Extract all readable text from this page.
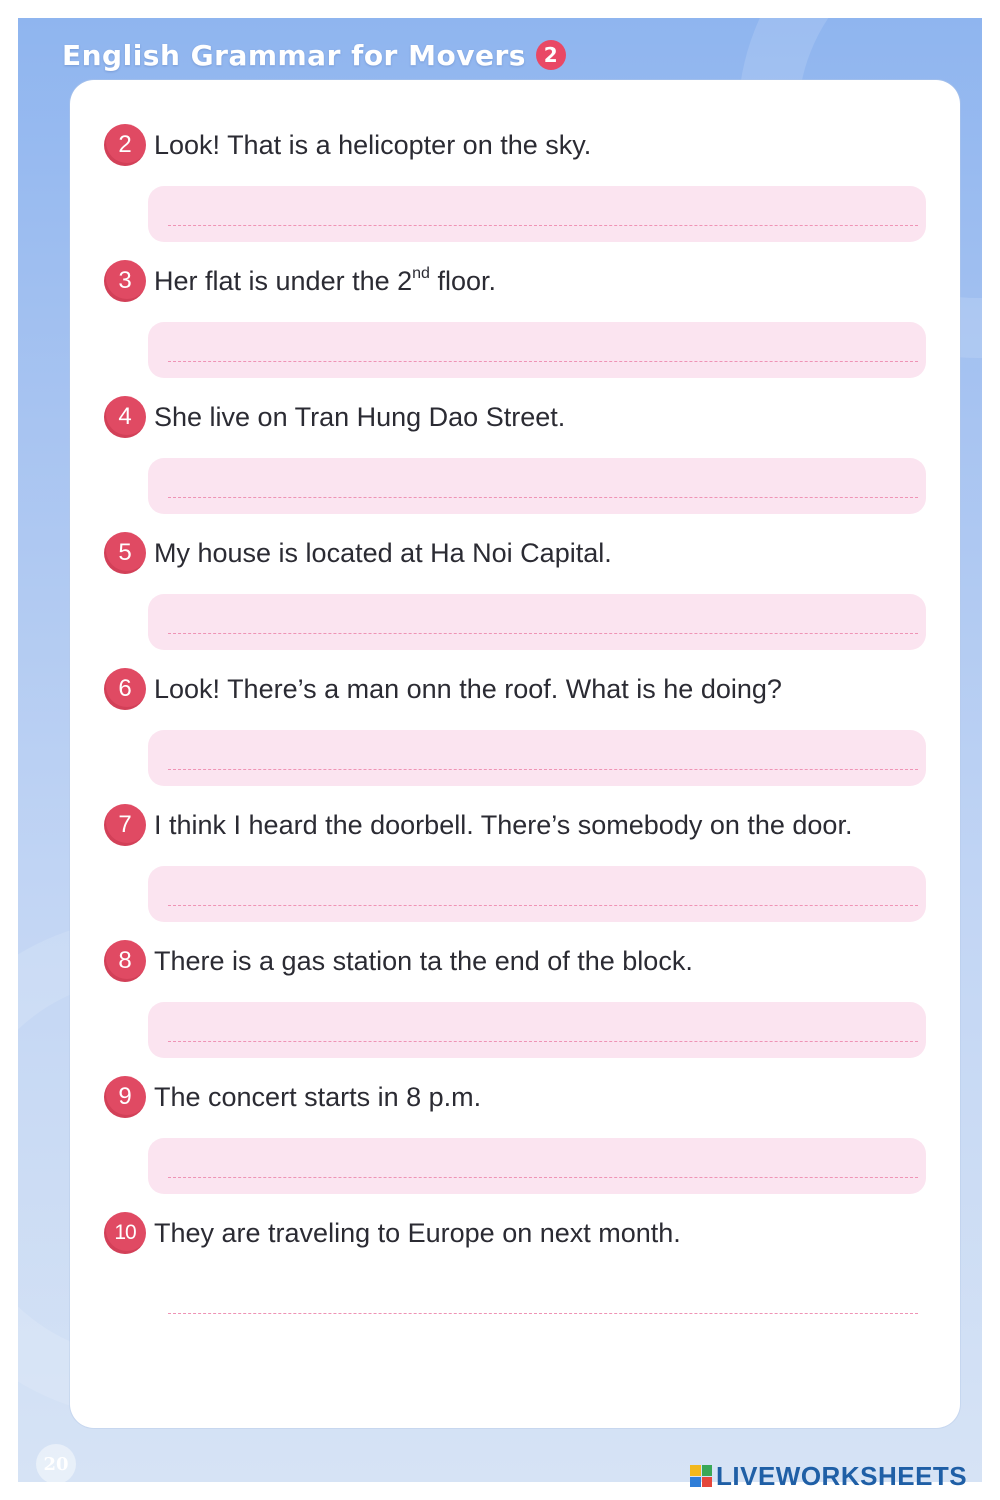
English Grammar for Movers 2
2 Look! That is a helicopter on the sky.
3 Her flat is under the 2nd floor.
4 She live on Tran Hung Dao Street.
5 My house is located at Ha Noi Capital.
6 Look! There’s a man onn the roof. What is he doing?
7 I think I heard the doorbell. There’s somebody on the door.
8 There is a gas station ta the end of the block.
9 The concert starts in 8 p.m.
10 They are traveling to Europe on next month.
20	LIVEWORKSHEETS
